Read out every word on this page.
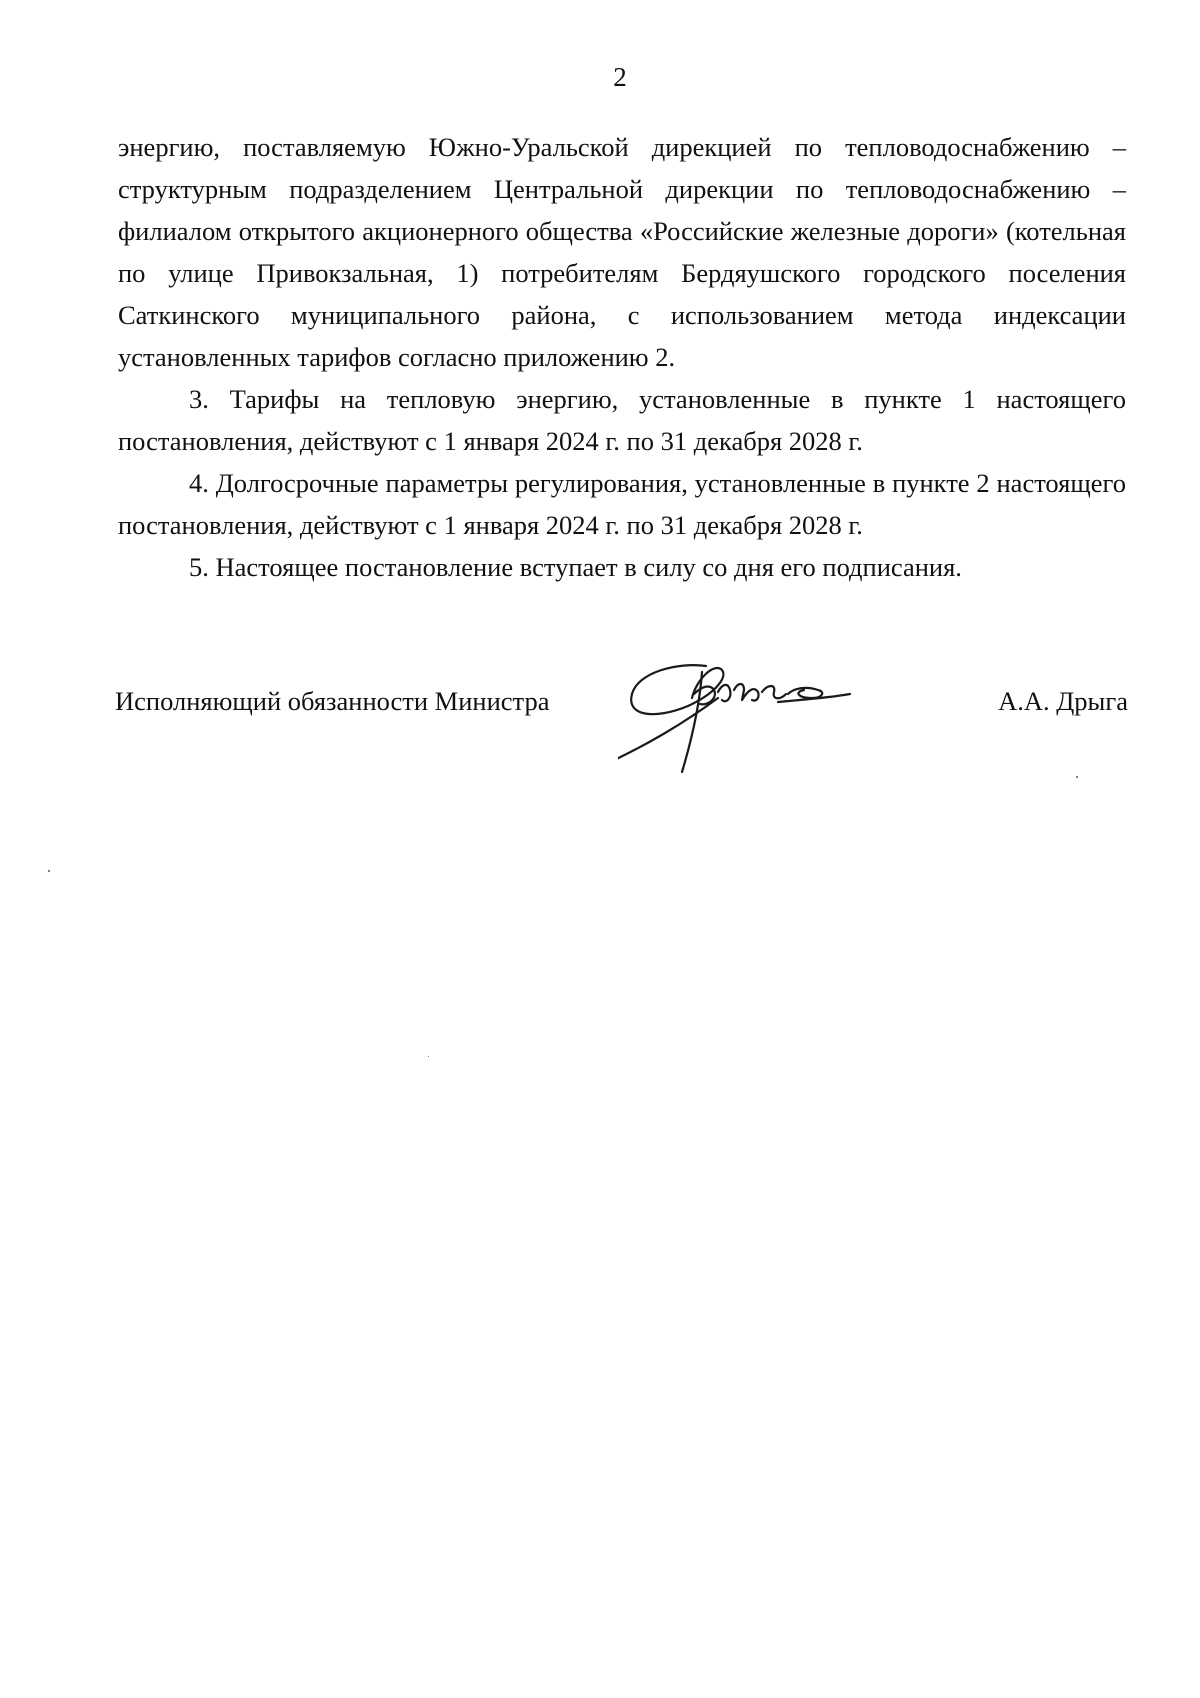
2

энергию, поставляемую Южно-Уральской дирекцией по тепловодоснабжению – структурным подразделением Центральной дирекции по тепловодоснабжению – филиалом открытого акционерного общества «Российские железные дороги» (котельная по улице Привокзальная, 1) потребителям Бердяушского городского поселения Саткинского муниципального района, с использованием метода индексации установленных тарифов согласно приложению 2.

3. Тарифы на тепловую энергию, установленные в пункте 1 настоящего постановления, действуют с 1 января 2024 г. по 31 декабря 2028 г.

4. Долгосрочные параметры регулирования, установленные в пункте 2 настоящего постановления, действуют с 1 января 2024 г. по 31 декабря 2028 г.

5. Настоящее постановление вступает в силу со дня его подписания.

Исполняющий обязанности Министра	А.А. Дрыга
